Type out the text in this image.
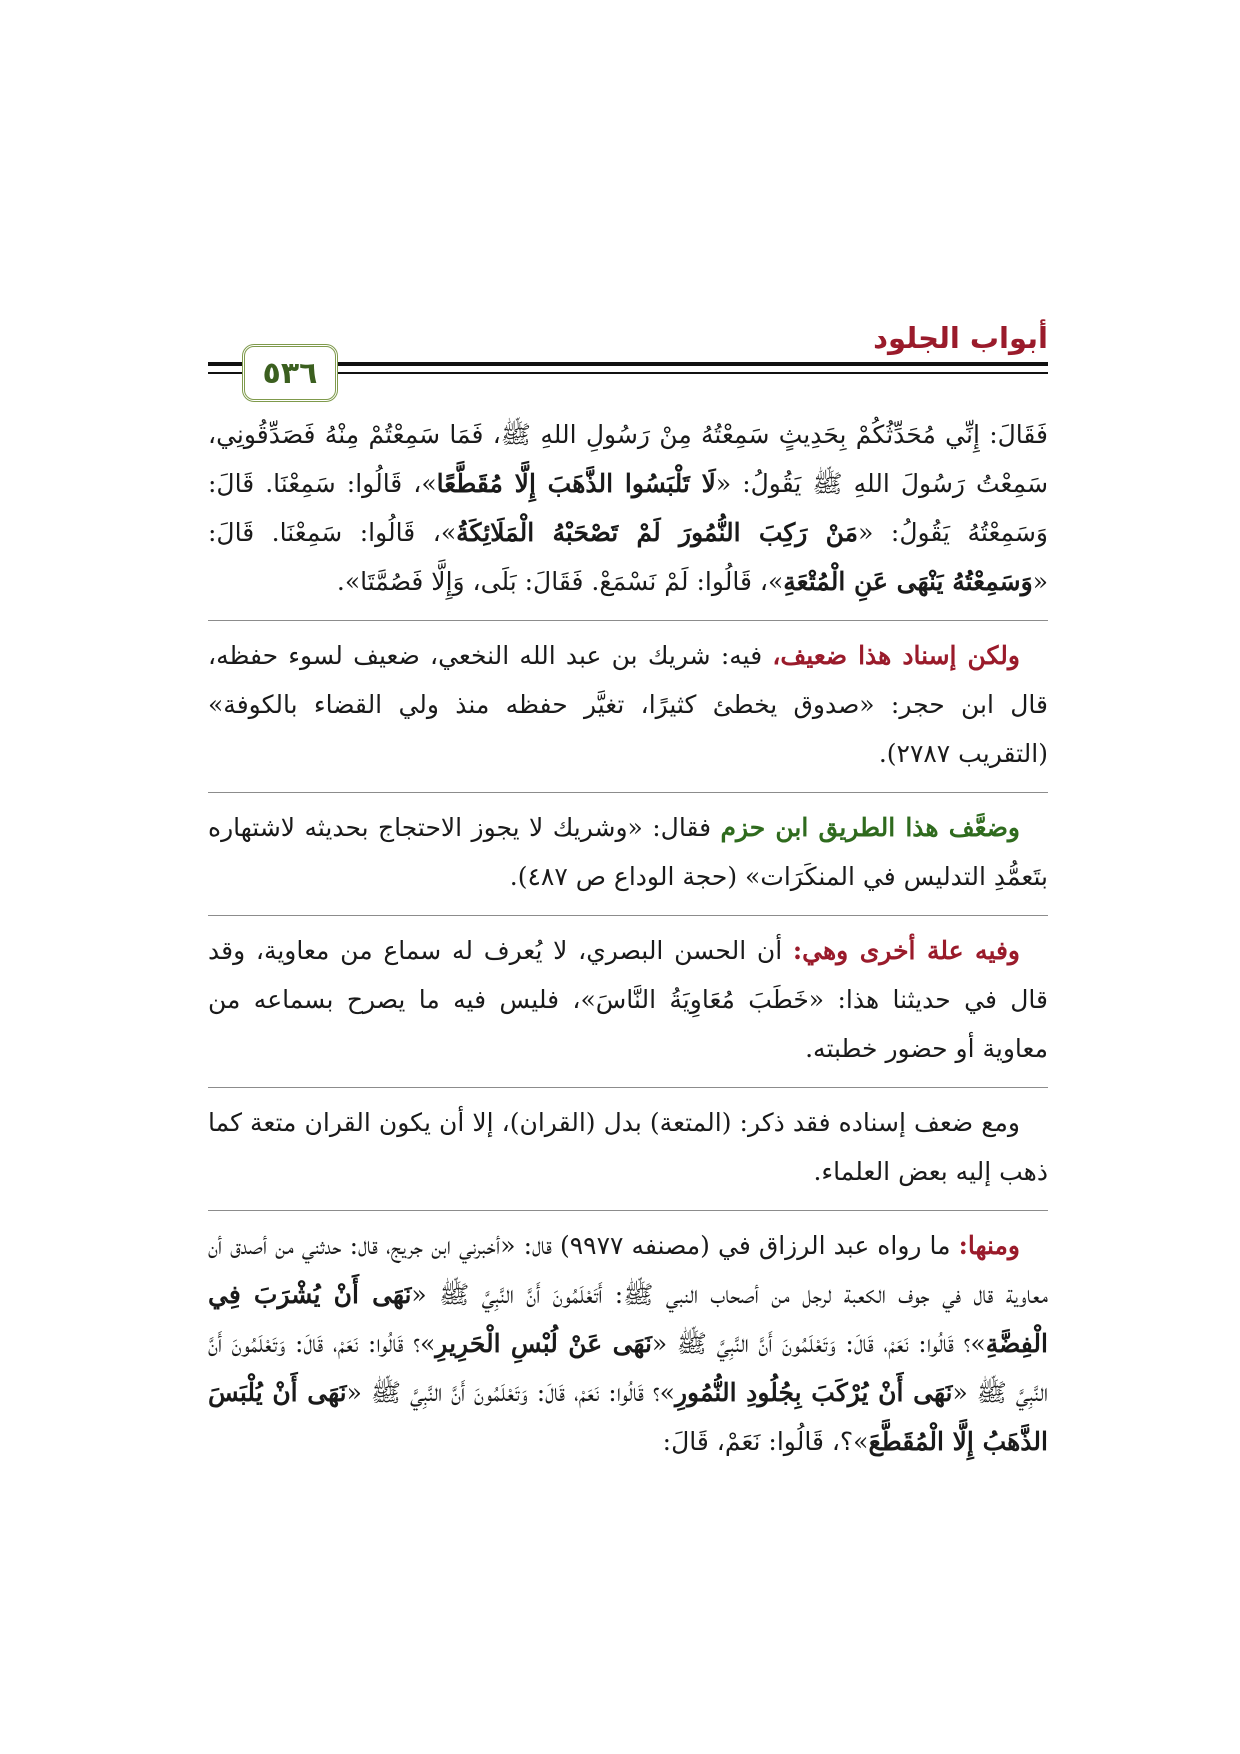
أبواب الجلود
٥٣٦

فَقَالَ: إِنِّي مُحَدِّثُكُمْ بِحَدِيثٍ سَمِعْتُهُ مِنْ رَسُولِ اللهِ ﷺ، فَمَا سَمِعْتُمْ مِنْهُ فَصَدِّقُونِي، سَمِعْتُ رَسُولَ اللهِ ﷺ يَقُولُ: «لَا تَلْبَسُوا الذَّهَبَ إِلَّا مُقَطَّعًا»، قَالُوا: سَمِعْنَا. قَالَ: وَسَمِعْتُهُ يَقُولُ: «مَنْ رَكِبَ النُّمُورَ لَمْ تَصْحَبْهُ الْمَلَائِكَةُ»، قَالُوا: سَمِعْنَا. قَالَ: «وَسَمِعْتُهُ يَنْهَى عَنِ الْمُتْعَةِ»، قَالُوا: لَمْ نَسْمَعْ. فَقَالَ: بَلَى، وَإِلَّا فَصُمَّتَا».

ولكن إسناد هذا ضعيف، فيه: شريك بن عبد الله النخعي، ضعيف لسوء حفظه، قال ابن حجر: «صدوق يخطئ كثيرًا، تغيَّر حفظه منذ ولي القضاء بالكوفة» (التقريب ٢٧٨٧).

وضعَّف هذا الطريق ابن حزم فقال: «وشريك لا يجوز الاحتجاج بحديثه لاشتهاره بتَعمُّدِ التدليس في المنكَرَات» (حجة الوداع ص ٤٨٧).

وفيه علة أخرى وهي: أن الحسن البصري، لا يُعرف له سماع من معاوية، وقد قال في حديثنا هذا: «خَطَبَ مُعَاوِيَةُ النَّاسَ»، فليس فيه ما يصرح بسماعه من معاوية أو حضور خطبته.

ومع ضعف إسناده فقد ذكر: (المتعة) بدل (القران)، إلا أن يكون القران متعة كما ذهب إليه بعض العلماء.

ومنها: ما رواه عبد الرزاق في (مصنفه ٩٩٧٧) قال: «أخبرني ابن جريج، قال: حدثني من أصدق أن معاوية قال في جوف الكعبة لرجل من أصحاب النبي ﷺ: أَتَعْلَمُونَ أَنَّ النَّبِيَّ ﷺ «نَهَى أَنْ يُشْرَبَ فِي الْفِضَّةِ»؟ قَالُوا: نَعَمْ، قَالَ: وَتَعْلَمُونَ أَنَّ النَّبِيَّ ﷺ «نَهَى عَنْ لُبْسِ الْحَرِيرِ»؟ قَالُوا: نَعَمْ، قَالَ: وَتَعْلَمُونَ أَنَّ النَّبِيَّ ﷺ «نَهَى أَنْ يُرْكَبَ بِجُلُودِ النُّمُورِ»؟ قَالُوا: نَعَمْ، قَالَ: وَتَعْلَمُونَ أَنَّ النَّبِيَّ ﷺ «نَهَى أَنْ يُلْبَسَ الذَّهَبُ إِلَّا الْمُقَطَّعَ»؟، قَالُوا: نَعَمْ، قَالَ:
